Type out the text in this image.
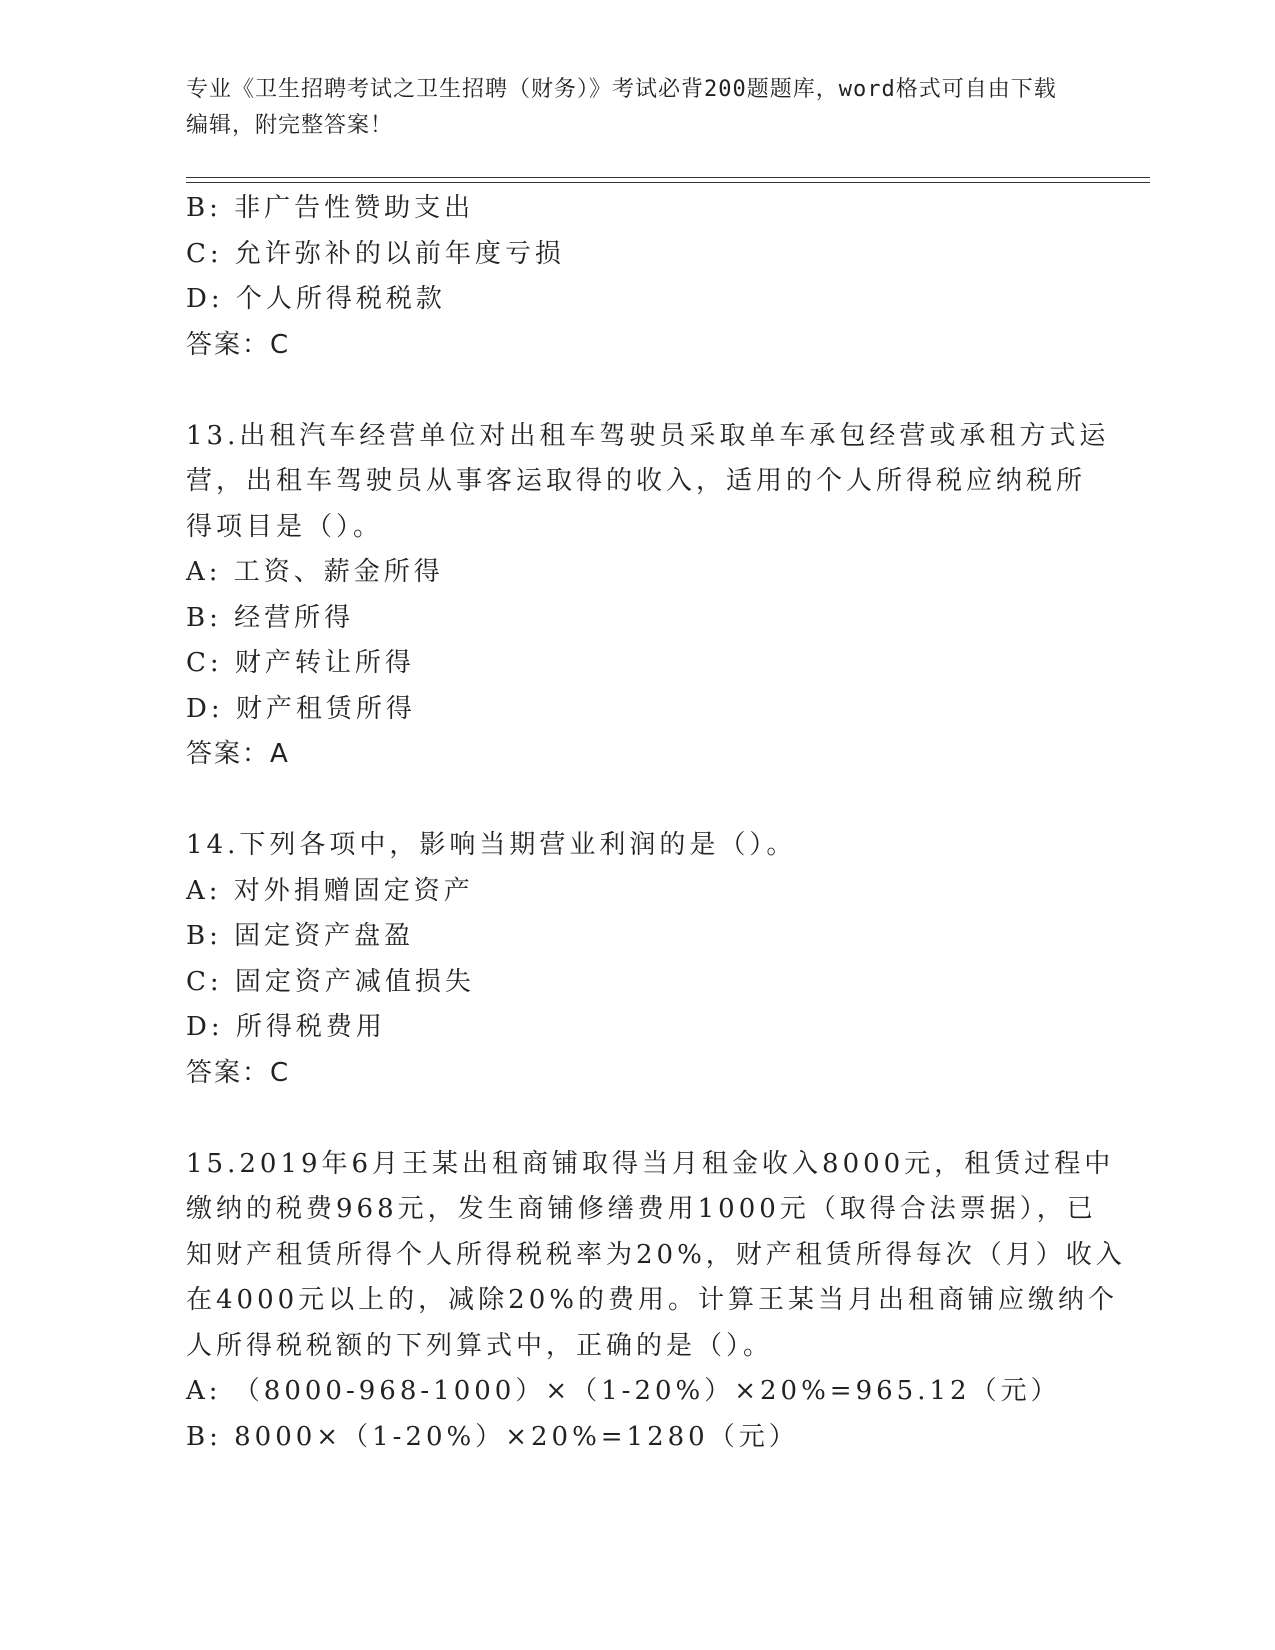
专业《卫生招聘考试之卫生招聘（财务）》考试必背200题题库，word格式可自由下载编辑，附完整答案！
B: 非广告性赞助支出
C: 允许弥补的以前年度亏损
D: 个人所得税税款
答案：C
13.出租汽车经营单位对出租车驾驶员采取单车承包经营或承租方式运
营，出租车驾驶员从事客运取得的收入，适用的个人所得税应纳税所
得项目是（）。
A: 工资、薪金所得
B: 经营所得
C: 财产转让所得
D: 财产租赁所得
答案：A
14.下列各项中，影响当期营业利润的是（）。
A: 对外捐赠固定资产
B: 固定资产盘盈
C: 固定资产减值损失
D: 所得税费用
答案：C
15.2019年6月王某出租商铺取得当月租金收入8000元，租赁过程中
缴纳的税费968元，发生商铺修缮费用1000元（取得合法票据），已
知财产租赁所得个人所得税税率为20%，财产租赁所得每次（月）收入
在4000元以上的，减除20%的费用。计算王某当月出租商铺应缴纳个
人所得税税额的下列算式中，正确的是（）。
A: （8000-968-1000）×（1-20%）×20%=965.12（元）
B: 8000×（1-20%）×20%=1280（元）
